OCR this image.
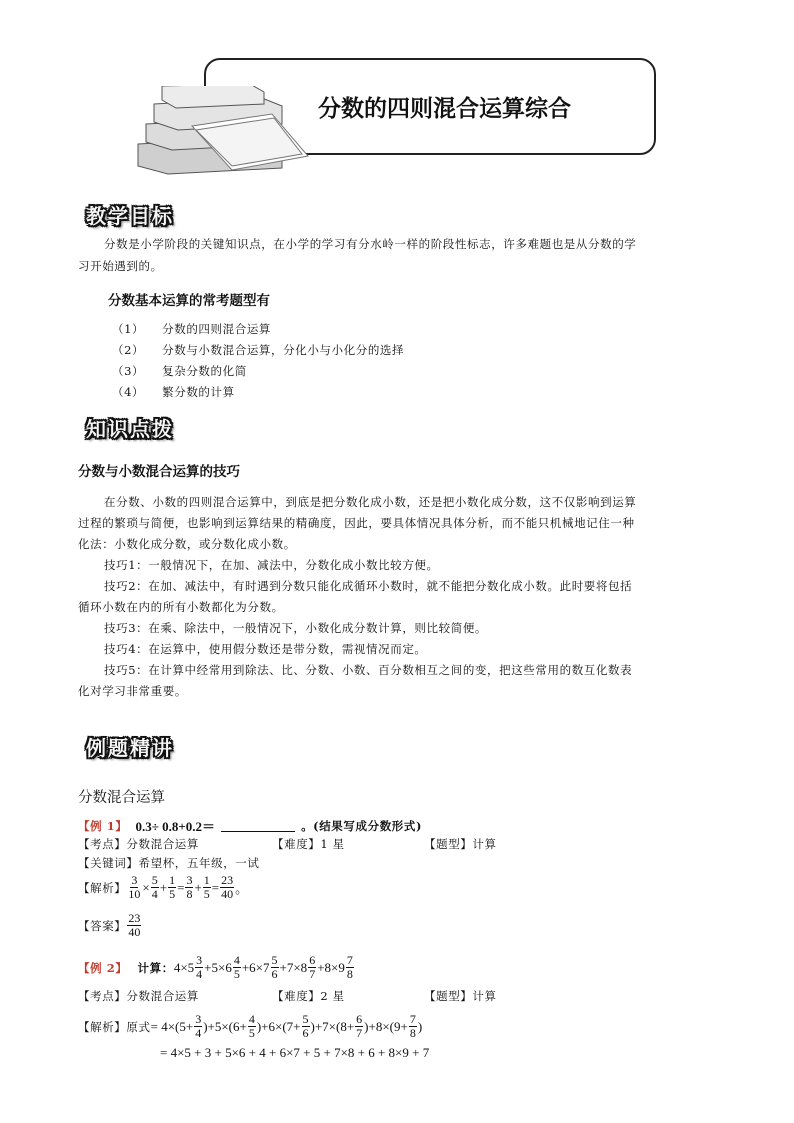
分数的四则混合运算综合
教学目标
分数是小学阶段的关键知识点，在小学的学习有分水岭一样的阶段性标志，许多难题也是从分数的学
习开始遇到的。
分数基本运算的常考题型有
（1） 分数的四则混合运算
（2） 分数与小数混合运算，分化小与小化分的选择
（3） 复杂分数的化简
（4） 繁分数的计算
知识点拨
分数与小数混合运算的技巧
在分数、小数的四则混合运算中，到底是把分数化成小数，还是把小数化成分数，这不仅影响到运算
过程的繁琐与简便，也影响到运算结果的精确度，因此，要具体情况具体分析，而不能只机械地记住一种
化法：小数化成分数，或分数化成小数。
技巧1：一般情况下，在加、减法中，分数化成小数比较方便。
技巧2：在加、减法中，有时遇到分数只能化成循环小数时，就不能把分数化成小数。此时要将包括
循环小数在内的所有小数都化为分数。
技巧3：在乘、除法中，一般情况下，小数化成分数计算，则比较简便。
技巧4：在运算中，使用假分数还是带分数，需视情况而定。
技巧5：在计算中经常用到除法、比、分数、小数、百分数相互之间的变，把这些常用的数互化数表
化对学习非常重要。
例题精讲
分数混合运算
【例 1】 0.3÷ 0.8+0.2＝	。(结果写成分数形式)
【考点】分数混合运算	【难度】1 星	【题型】计算
【关键词】希望杯，五年级，一试
【解析】 $\frac{3}{10} \times \frac{5}{4} + \frac{1}{5} = \frac{3}{8} + \frac{1}{5} = \frac{23}{40}$ 。
【答案】 $\frac{23}{40}$
【例 2】 计算： $4\times 5 \frac{3}{4} +5\times 6 \frac{4}{5} +6\times 7 \frac{5}{6} +7\times 8 \frac{6}{7} +8\times 9 \frac{7}{8}$
【考点】分数混合运算	【难度】2 星	【题型】计算
【解析】原式 = $4\times(5+ \frac{3}{4} )+5\times(6+ \frac{4}{5} )+6\times(7+ \frac{5}{6} )+7\times(8+ \frac{6}{7} )+8\times(9+ \frac{7}{8}$ )
= 4×5 + 3 + 5×6 + 4 + 6×7 + 5 + 7×8 + 6 + 8×9 + 7
